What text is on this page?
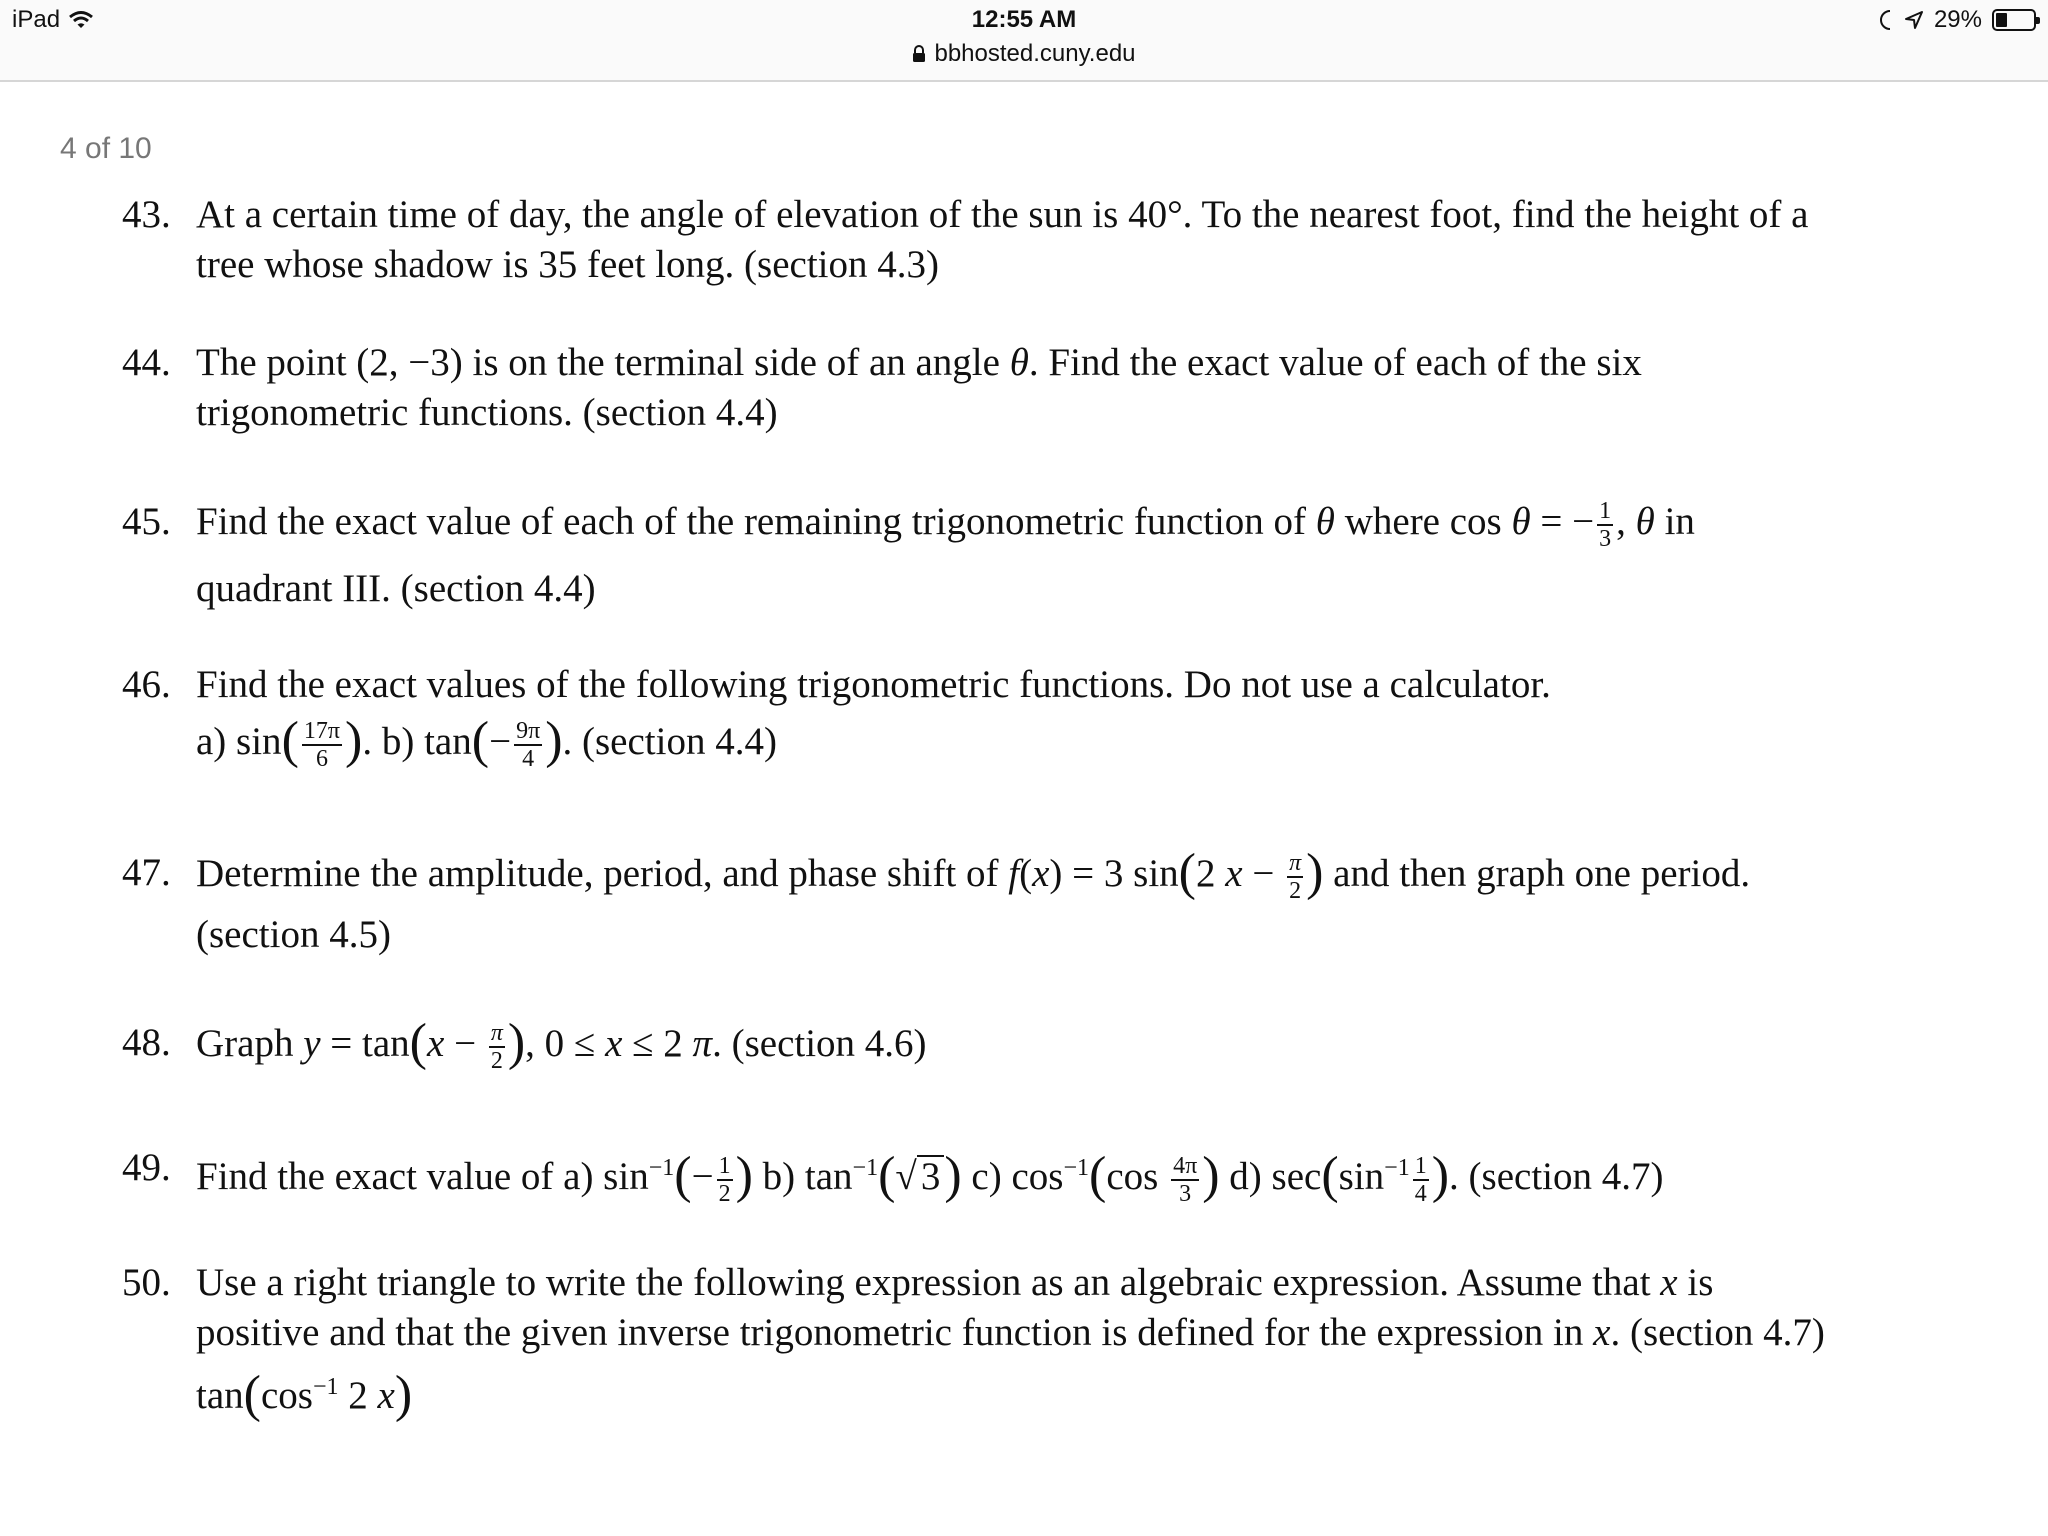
iPad	12:55 AM
bbhosted.cuny.edu
29%
4 of 10
43. At a certain time of day, the angle of elevation of the sun is 40°. To the nearest foot, find the height of a
tree whose shadow is 35 feet long. (section 4.3)
44. The point (2, −3) is on the terminal side of an angle θ. Find the exact value of each of the six
trigonometric functions. (section 4.4)
45. Find the exact value of each of the remaining trigonometric function of θ where cos θ = − $\frac{1}{3}$ , θ in
quadrant III. (section 4.4)
46. Find the exact values of the following trigonometric functions. Do not use a calculator.
a) $\sin( \frac{17\pi}{6}$ ). b) $\tan(- \frac{9\pi}{4}$ ). (section 4.4)
47. Determine the amplitude, period, and phase shift of f(x) = 3 sin(2 $x - \frac{\pi}{2}$ ) and then graph one period.
(section 4.5)
48. Graph $y = \tan(x - \frac{\pi}{2}$ ), 0 ≤ x ≤ 2 π. (section 4.6)
49. Find the exact value of a) $\sin^{-1}(- \frac{1}{2}$ ) b) $\tan^{-1}(√$ 3) c) $\cos^{-1}(\cos \frac{4\pi}{3}$ ) d) $\sec(\sin^{-1} \frac{1}{4}$ ). (section 4.7)
50. Use a right triangle to write the following expression as an algebraic expression. Assume that x is
positive and that the given inverse trigonometric function is defined for the expression in x. (section 4.7)
$\tan(\cos^{-1}$ 2 x)
